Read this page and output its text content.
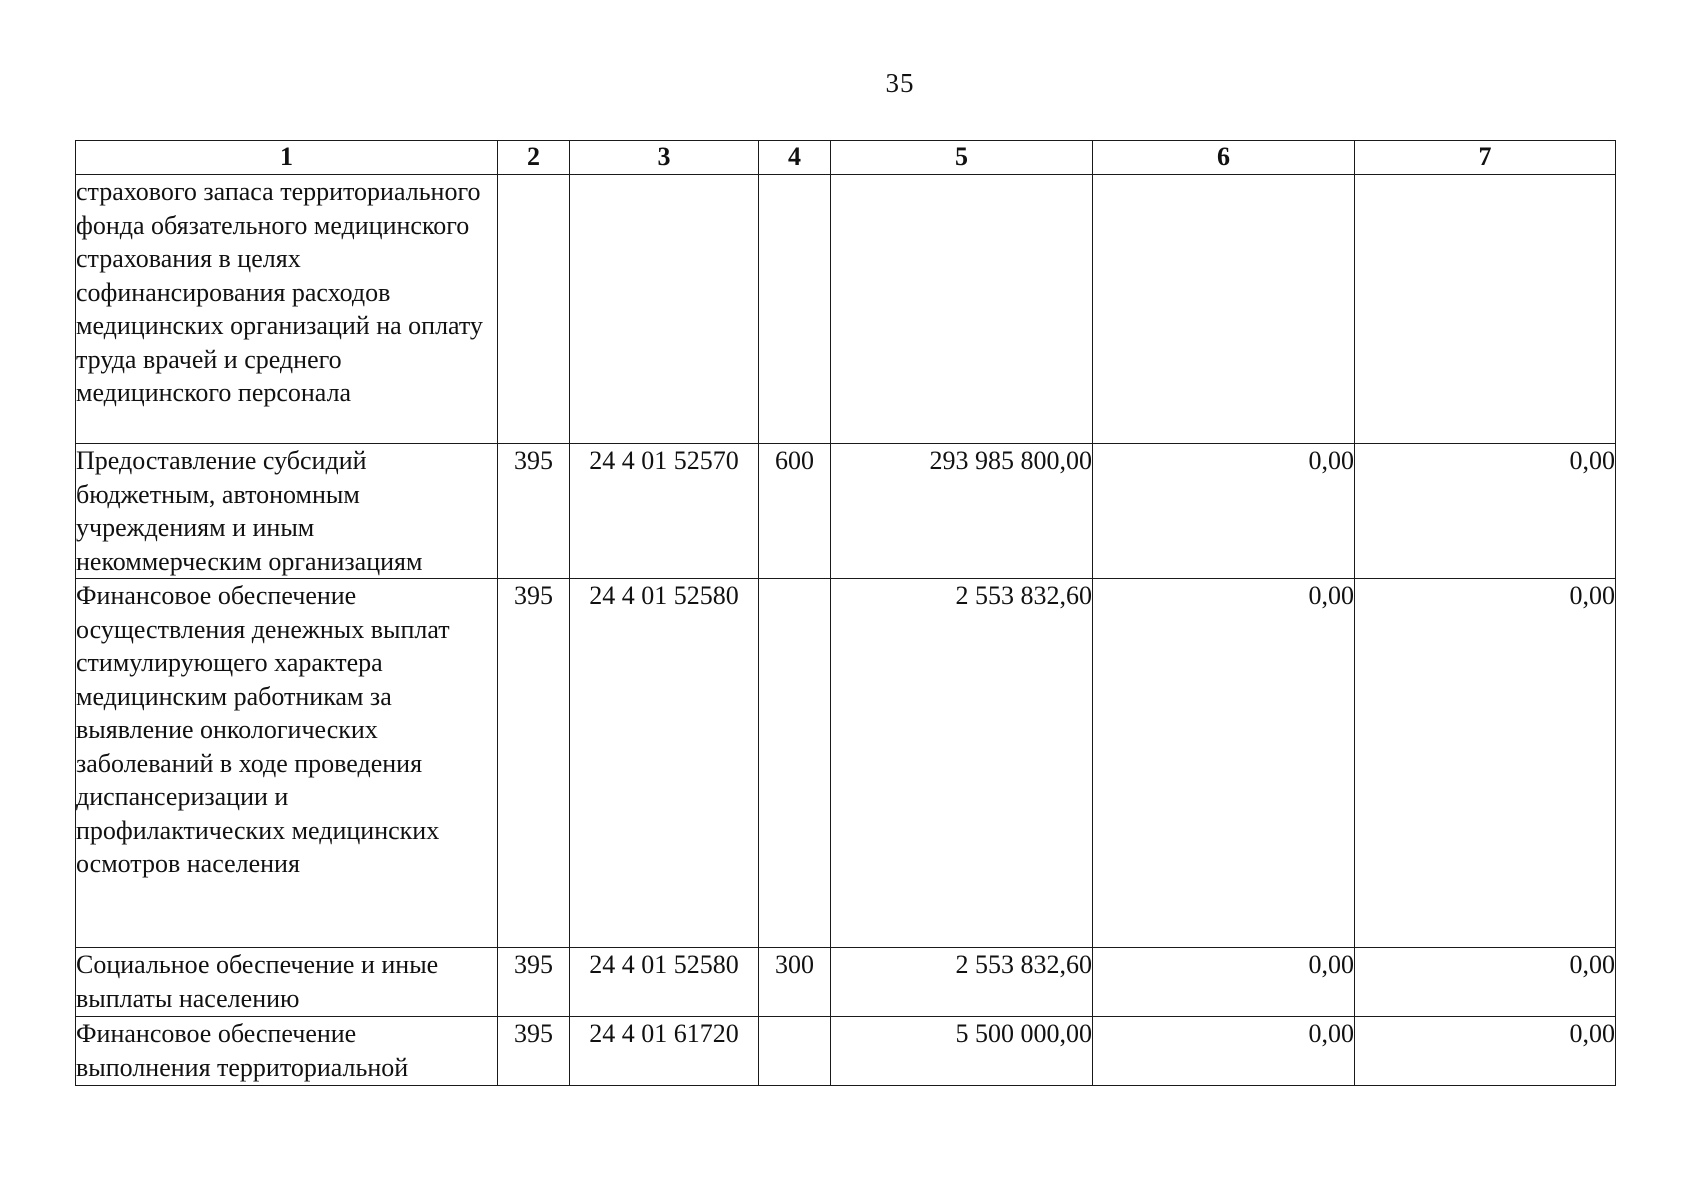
35
1	2	3	4	5	6	7
страхового запаса территориального фонда обязательного медицинского страхования в целях софинансирования расходов медицинских организаций на оплату труда врачей и среднего медицинского персонала						
Предоставление субсидий бюджетным, автономным учреждениям и иным некоммерческим организациям	395	24 4 01 52570	600	293 985 800,00	0,00	0,00
Финансовое обеспечение осуществления денежных выплат стимулирующего характера медицинским работникам за выявление онкологических заболеваний в ходе проведения диспансеризации и профилактических медицинских осмотров населения	395	24 4 01 52580		2 553 832,60	0,00	0,00
Социальное обеспечение и иные выплаты населению	395	24 4 01 52580	300	2 553 832,60	0,00	0,00
Финансовое обеспечение выполнения территориальной	395	24 4 01 61720		5 500 000,00	0,00	0,00
